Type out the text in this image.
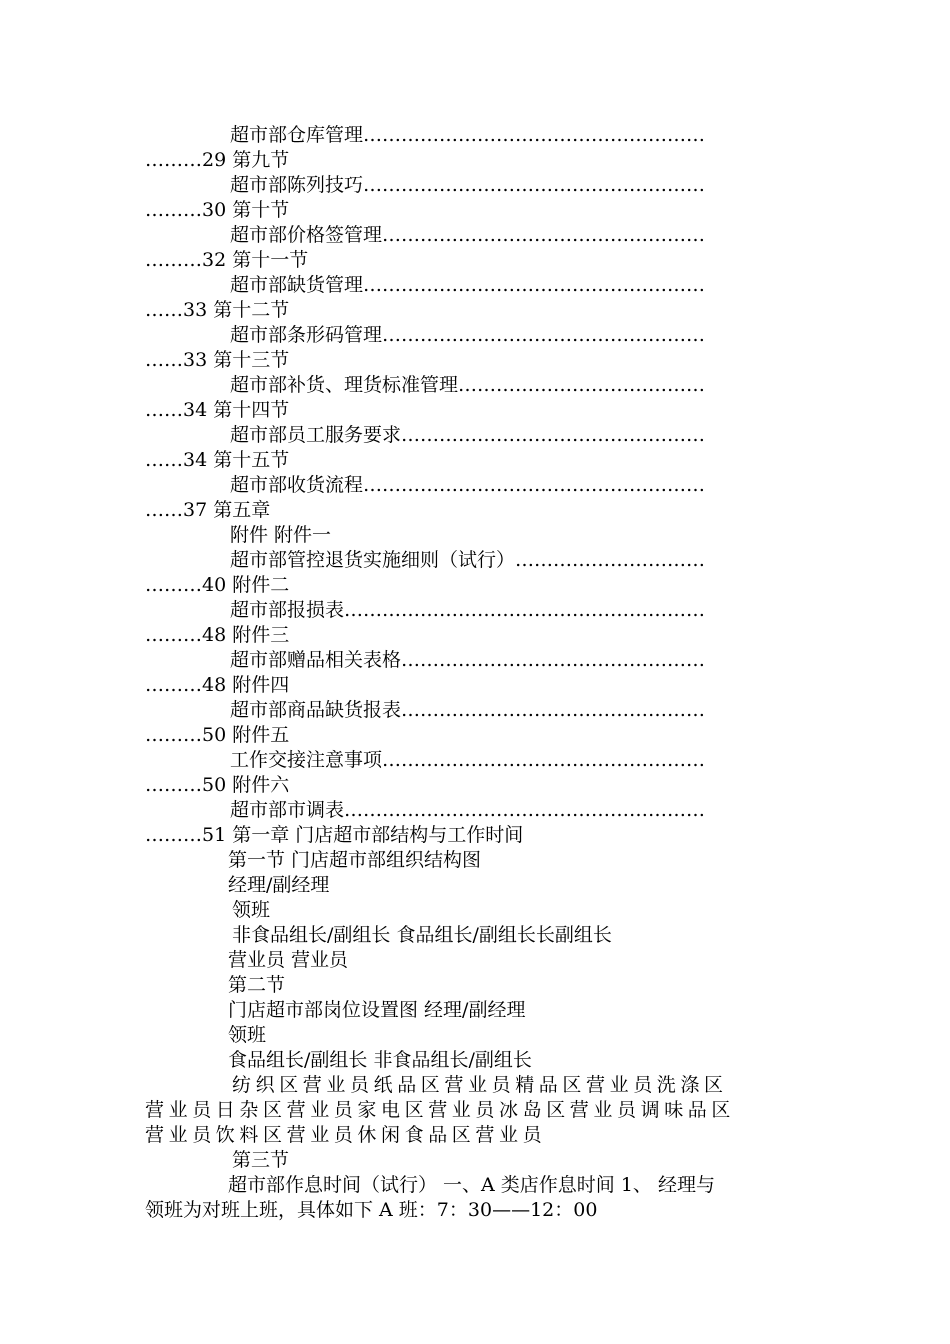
超市部仓库管理………………………………………………
………29 第九节
超市部陈列技巧………………………………………………
………30 第十节
超市部价格签管理……………………………………………
………32 第十一节
超市部缺货管理………………………………………………
……33 第十二节
超市部条形码管理……………………………………………
……33 第十三节
超市部补货、理货标准管理…………………………………
……34 第十四节
超市部员工服务要求…………………………………………
……34 第十五节
超市部收货流程………………………………………………
……37 第五章
附件 附件一
超市部管控退货实施细则（试行）…………………………
………40 附件二
超市部报损表…………………………………………………
………48 附件三
超市部赠品相关表格…………………………………………
………48 附件四
超市部商品缺货报表…………………………………………
………50 附件五
工作交接注意事项……………………………………………
………50 附件六
超市部市调表…………………………………………………
………51 第一章 门店超市部结构与工作时间
第一节 门店超市部组织结构图
经理/副经理
领班
非食品组长/副组长 食品组长/副组长长副组长
营业员 营业员
第二节
门店超市部岗位设置图 经理/副经理
领班
食品组长/副组长 非食品组长/副组长
纺织区营业员纸品区营业员精品区营业员洗涤区
营业员日杂区营业员家电区营业员冰岛区营业员调味品区
营业员饮料区营业员休闲食品区营业员
第三节
超市部作息时间（试行） 一、A 类店作息时间 1、 经理与
领班为对班上班，具体如下 A 班：7：30——12：00
